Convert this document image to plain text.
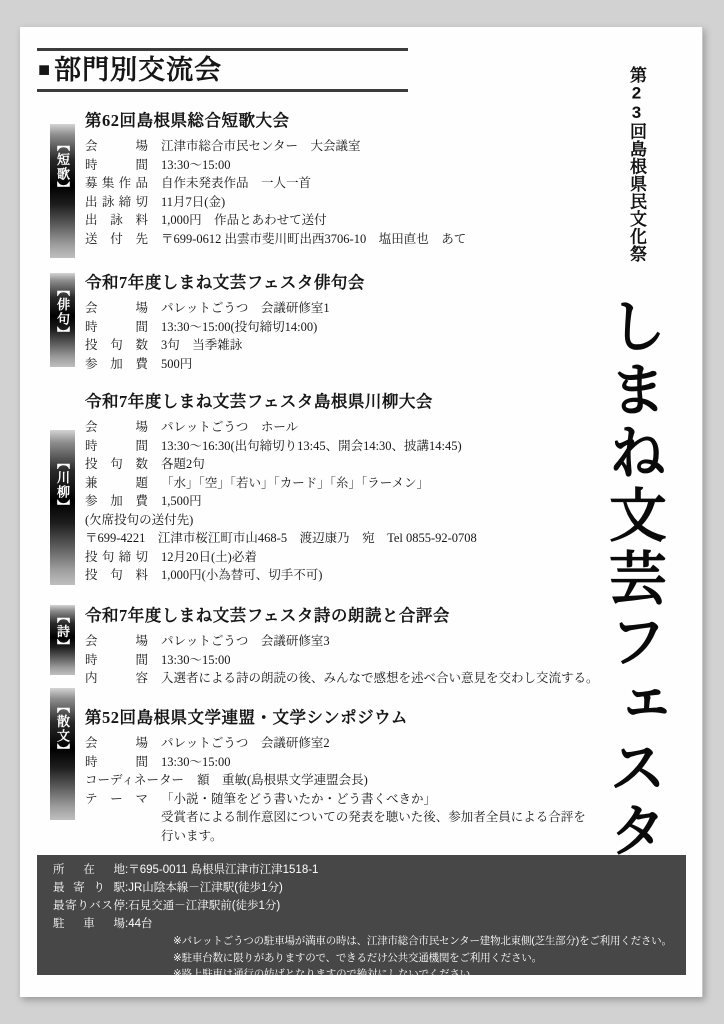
■ 部門別交流会
【短歌】
【俳句】
【川柳】
【詩】
【散文】
第62回島根県総合短歌大会
会場 江津市総合市民センター　大会議室
時間 13:30〜15:00
募集作品 自作未発表作品　一人一首
出詠締切 11月7日(金)
出詠料 1,000円　作品とあわせて送付
送付先 〒699-0612 出雲市斐川町出西3706-10　塩田直也　あて
令和7年度しまね文芸フェスタ俳句会
会場 パレットごうつ　会議研修室1
時間 13:30〜15:00(投句締切14:00)
投句数 3句　当季雑詠
参加費 500円
令和7年度しまね文芸フェスタ島根県川柳大会
会場 パレットごうつ　ホール
時間 13:30〜16:30(出句締切り13:45、開会14:30、披講14:45)
投句数 各題2句
兼題 「水」「空」「若い」「カード」「糸」「ラーメン」
参加費 1,500円
(欠席投句の送付先)
〒699-4221　江津市桜江町市山468-5　渡辺康乃　宛　Tel 0855-92-0708
投句締切 12月20日(土)必着
投句料 1,000円(小為替可、切手不可)
令和7年度しまね文芸フェスタ詩の朗読と合評会
会場 パレットごうつ　会議研修室3
時間 13:30〜15:00
内容 入選者による詩の朗読の後、みんなで感想を述べ合い意見を交わし交流する。
第52回島根県文学連盟・文学シンポジウム
会場 パレットごうつ　会議研修室2
時間 13:30〜15:00
コーディネーター 額　重敏(島根県文学連盟会長)
テーマ 「小説・随筆をどう書いたか・どう書くべきか」
受賞者による制作意図についての発表を聴いた後、参加者全員による合評を行います。
所在地:〒695-0011 島根県江津市江津1518-1
最寄り駅:JR山陰本線－江津駅(徒歩1分)
最寄りバス停:石見交通－江津駅前(徒歩1分)
駐車場:44台
※パレットごうつの駐車場が満車の時は、江津市総合市民センター建物北東側(芝生部分)をご利用ください。
※駐車台数に限りがありますので、できるだけ公共交通機関をご利用ください。
※路上駐車は通行の妨げとなりますので絶対にしないでください。
第23回島根県民文化祭
しまね文芸フェスタ
